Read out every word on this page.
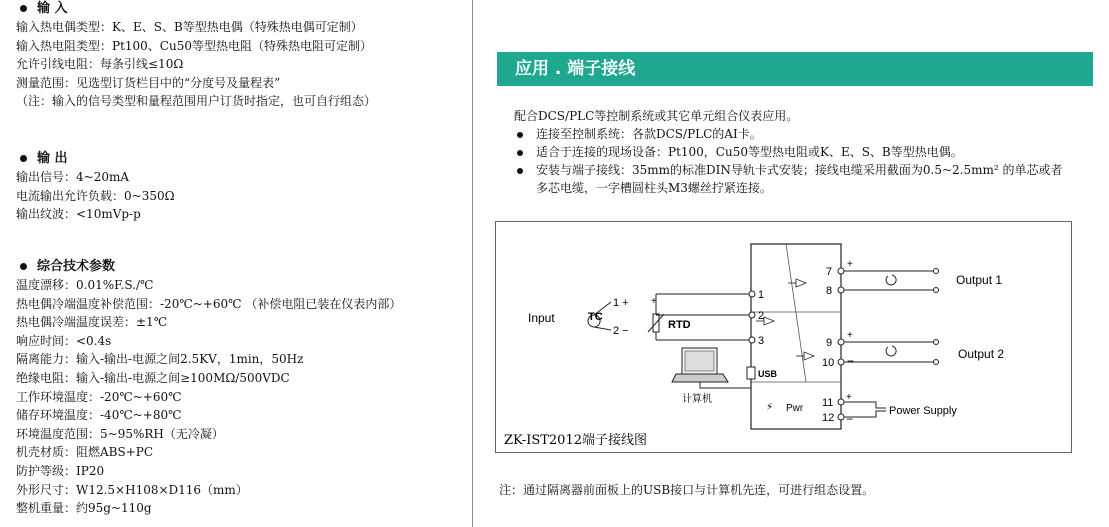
输 入
输入热电偶类型：K、E、S、B等型热电偶（特殊热电偶可定制）
输入热电阻类型：Pt100、Cu50等型热电阻（特殊热电阻可定制）
允许引线电阻：每条引线≤10Ω
测量范围：见选型订货栏目中的“分度号及量程表”
（注：输入的信号类型和量程范围用户订货时指定，也可自行组态）
输 出
输出信号：4~20mA
电流输出允许负载：0~350Ω
输出纹波：<10mVp-p
综合技术参数
温度漂移：0.01%F.S./℃
热电偶冷端温度补偿范围：-20℃~+60℃ （补偿电阻已装在仪表内部）
热电偶冷端温度误差：±1℃
响应时间：<0.4s
隔离能力：输入-输出-电源之间2.5KV，1min，50Hz
绝缘电阻：输入-输出-电源之间≥100MΩ/500VDC
工作环境温度：-20℃~+60℃
储存环境温度：-40℃~+80℃
环境温度范围：5~95%RH（无冷凝）
机壳材质：阻燃ABS+PC
防护等级：IP20
外形尺寸：W12.5×H108×D116（mm）
整机重量：约95g~110g
应用 . 端子接线
配合DCS/PLC等控制系统或其它单元组合仪表应用。
连接至控制系统：各款DCS/PLC的AI卡。
适合于连接的现场设备：Pt100，Cu50等型热电阻或K、E、S、B等型热电偶。
安装与端子接线：35mm的标准DIN导轨卡式安装；接线电缆采用截面为0.5~2.5mm² 的单芯或者多芯电缆，一字槽圆柱头M3螺丝拧紧连接。
Input	TC
1 +
2 −	RTD
+
1
2
3
计算机
USB
⚡ Pwr
7
8
9
10
11
12
+
−
Output 1
+
−	Output 2
+
−
Power Supply
ZK-IST2012端子接线图
注：通过隔离器前面板上的USB接口与计算机先连，可进行组态设置。
